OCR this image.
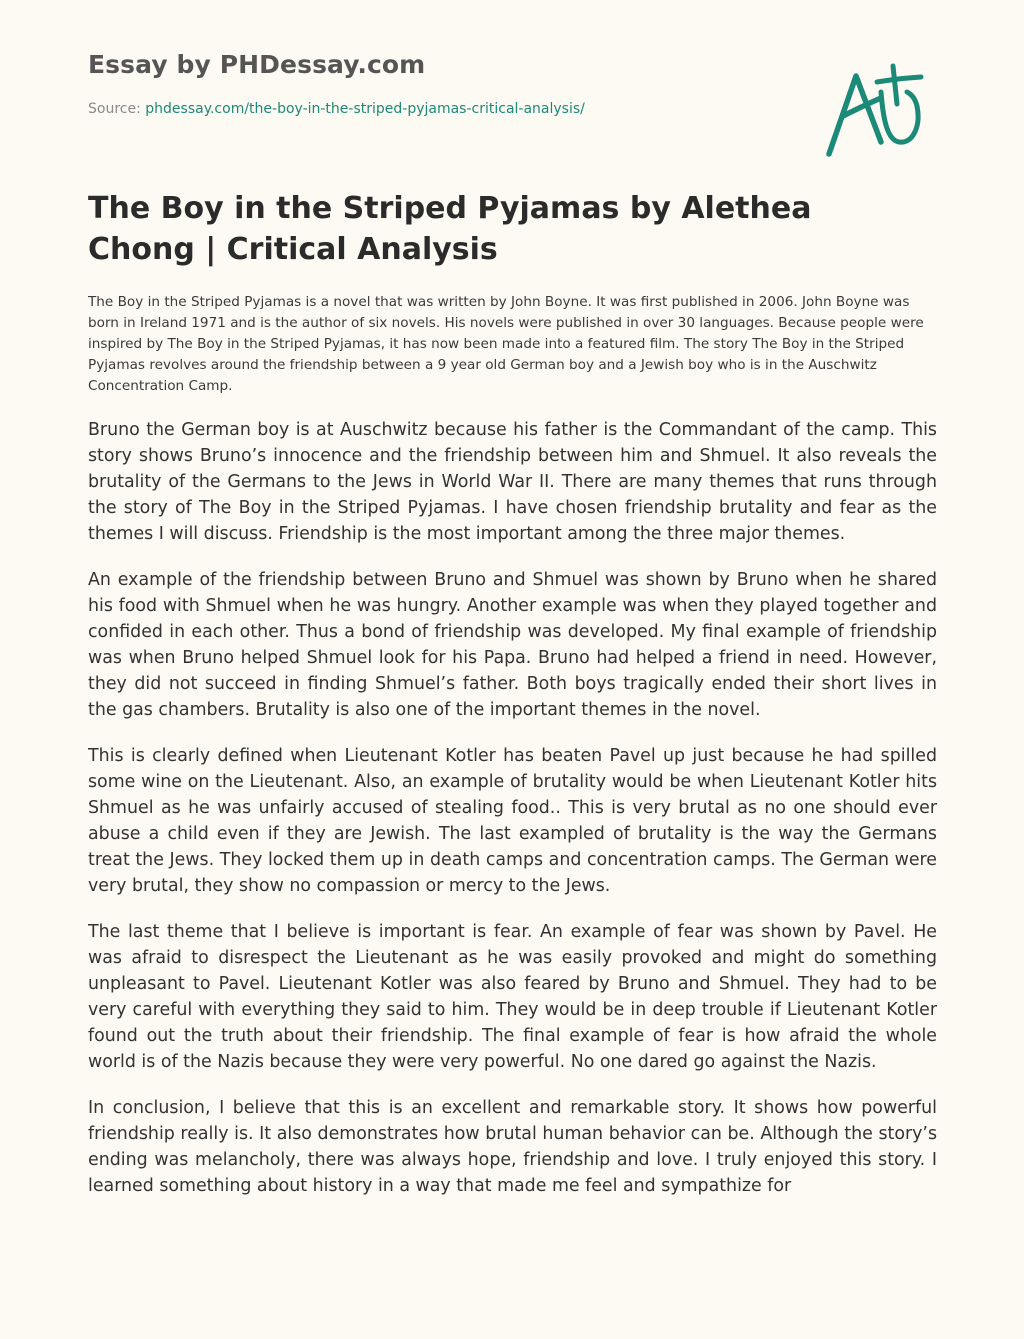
Essay by PHDessay.com
Source: phdessay.com/the-boy-in-the-striped-pyjamas-critical-analysis/
The Boy in the Striped Pyjamas by Alethea Chong | Critical Analysis

The Boy in the Striped Pyjamas is a novel that was written by John Boyne. It was first published in 2006. John Boyne was born in Ireland 1971 and is the author of six novels. His novels were published in over 30 languages. Because people were inspired by The Boy in the Striped Pyjamas, it has now been made into a featured film. The story The Boy in the Striped Pyjamas revolves around the friendship between a 9 year old German boy and a Jewish boy who is in the Auschwitz Concentration Camp.

Bruno the German boy is at Auschwitz because his father is the Commandant of the camp. This story shows Bruno’s innocence and the friendship between him and Shmuel. It also reveals the brutality of the Germans to the Jews in World War II. There are many themes that runs through the story of The Boy in the Striped Pyjamas. I have chosen friendship brutality and fear as the themes I will discuss. Friendship is the most important among the three major themes.

An example of the friendship between Bruno and Shmuel was shown by Bruno when he shared his food with Shmuel when he was hungry. Another example was when they played together and confided in each other. Thus a bond of friendship was developed. My final example of friendship was when Bruno helped Shmuel look for his Papa. Bruno had helped a friend in need. However, they did not succeed in finding Shmuel’s father. Both boys tragically ended their short lives in the gas chambers. Brutality is also one of the important themes in the novel.

This is clearly defined when Lieutenant Kotler has beaten Pavel up just because he had spilled some wine on the Lieutenant. Also, an example of brutality would be when Lieutenant Kotler hits Shmuel as he was unfairly accused of stealing food.. This is very brutal as no one should ever abuse a child even if they are Jewish. The last exampled of brutality is the way the Germans treat the Jews. They locked them up in death camps and concentration camps. The German were very brutal, they show no compassion or mercy to the Jews.

The last theme that I believe is important is fear. An example of fear was shown by Pavel. He was afraid to disrespect the Lieutenant as he was easily provoked and might do something unpleasant to Pavel. Lieutenant Kotler was also feared by Bruno and Shmuel. They had to be very careful with everything they said to him. They would be in deep trouble if Lieutenant Kotler found out the truth about their friendship. The final example of fear is how afraid the whole world is of the Nazis because they were very powerful. No one dared go against the Nazis.

In conclusion, I believe that this is an excellent and remarkable story. It shows how powerful friendship really is. It also demonstrates how brutal human behavior can be. Although the story’s ending was melancholy, there was always hope, friendship and love. I truly enjoyed this story. I learned something about history in a way that made me feel and sympathize for
